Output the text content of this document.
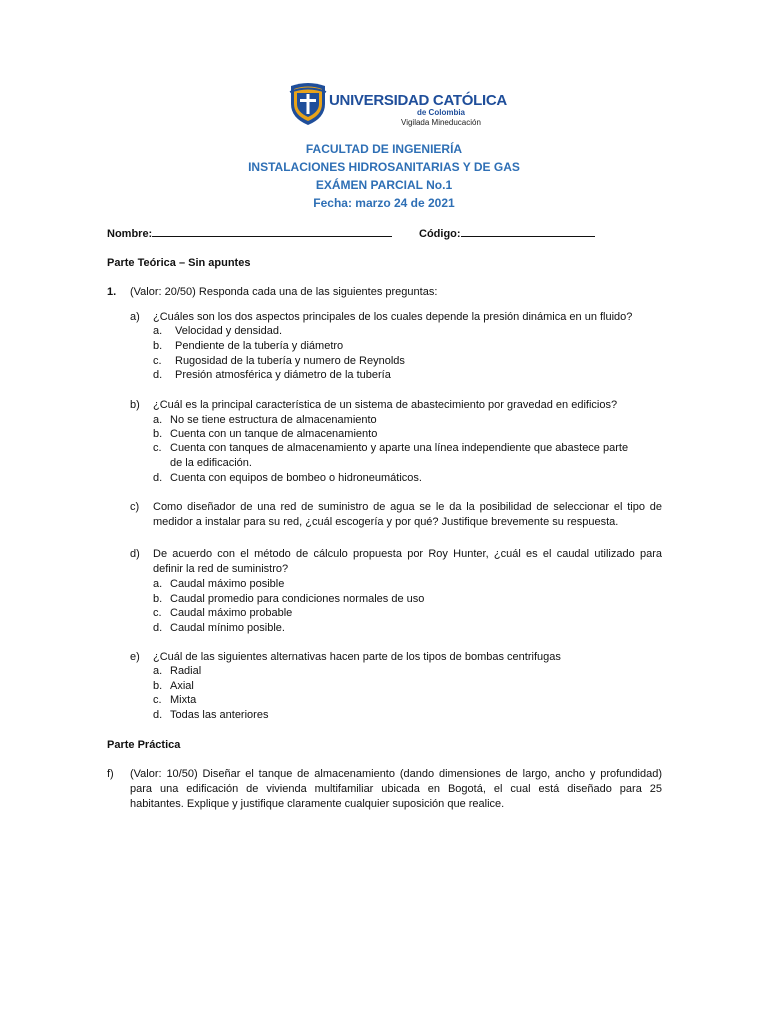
UNIVERSIDAD CATÓLICA
de Colombia
Vigilada Mineducación
FACULTAD DE INGENIERÍA
INSTALACIONES HIDROSANITARIAS Y DE GAS
EXÁMEN PARCIAL No.1
Fecha: marzo 24 de 2021
Nombre:	Código:
Parte Teórica – Sin apuntes
1. (Valor: 20/50) Responda cada una de las siguientes preguntas:
a) ¿Cuáles son los dos aspectos principales de los cuales depende la presión dinámica en un fluido?
a. Velocidad y densidad.
b. Pendiente de la tubería y diámetro
c. Rugosidad de la tubería y numero de Reynolds
d. Presión atmosférica y diámetro de la tubería
b) ¿Cuál es la principal característica de un sistema de abastecimiento por gravedad en edificios?
a. No se tiene estructura de almacenamiento
b. Cuenta con un tanque de almacenamiento
c. Cuenta con tanques de almacenamiento y aparte una línea independiente que abastece parte
de la edificación.
d. Cuenta con equipos de bombeo o hidroneumáticos.
c) Como diseñador de una red de suministro de agua se le da la posibilidad de seleccionar el tipo de
medidor a instalar para su red, ¿cuál escogería y por qué? Justifique brevemente su respuesta.
d) De acuerdo con el método de cálculo propuesta por Roy Hunter, ¿cuál es el caudal utilizado para
definir la red de suministro?
a. Caudal máximo posible
b. Caudal promedio para condiciones normales de uso
c. Caudal máximo probable
d. Caudal mínimo posible.
e) ¿Cuál de las siguientes alternativas hacen parte de los tipos de bombas centrifugas
a. Radial
b. Axial
c. Mixta
d. Todas las anteriores
Parte Práctica
f) (Valor: 10/50) Diseñar el tanque de almacenamiento (dando dimensiones de largo, ancho y profundidad)
para una edificación de vivienda multifamiliar ubicada en Bogotá, el cual está diseñado para 25
habitantes. Explique y justifique claramente cualquier suposición que realice.
